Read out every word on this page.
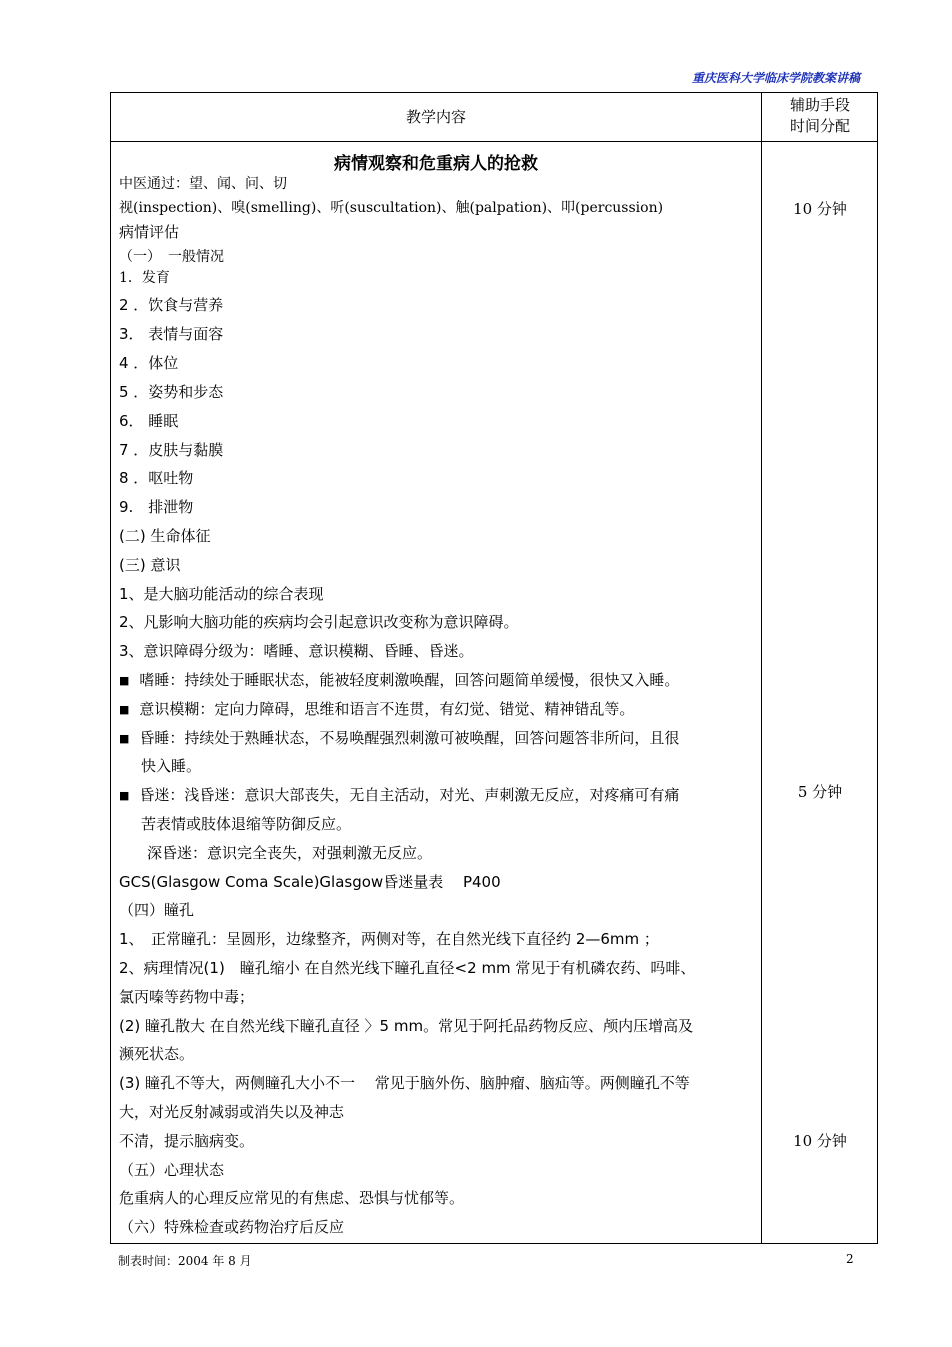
重庆医科大学临床学院教案讲稿
教学内容
辅助手段
时间分配
病情观察和危重病人的抢救
中医通过：望、闻、问、切
视(inspection)、嗅(smelling)、听(suscultation)、触(palpation)、叩(percussion)
病情评估
（一）　一般情况
1．发育
2 ．饮食与营养
3． 表情与面容
4 ．体位
5 ．姿势和步态
6． 睡眠
7 ．皮肤与黏膜
8 ．呕吐物
9.　排泄物
(二) 生命体征
(三) 意识
1、是大脑功能活动的综合表现
2、凡影响大脑功能的疾病均会引起意识改变称为意识障碍。
3、意识障碍分级为：嗜睡、意识模糊、昏睡、昏迷。
■ 嗜睡：持续处于睡眠状态，能被轻度刺激唤醒，回答问题简单缓慢，很快又入睡。
■ 意识模糊：定向力障碍，思维和语言不连贯，有幻觉、错觉、精神错乱等。
■ 昏睡：持续处于熟睡状态，不易唤醒强烈刺激可被唤醒，回答问题答非所问，且很
快入睡。
■ 昏迷：浅昏迷：意识大部丧失，无自主活动，对光、声刺激无反应，对疼痛可有痛
苦表情或肢体退缩等防御反应。
深昏迷：意识完全丧失，对强刺激无反应。
GCS(Glasgow Coma Scale)Glasgow昏迷量表　 P400
（四）瞳孔
1、　正常瞳孔：呈圆形，边缘整齐，两侧对等，在自然光线下直径约 2—6mm ；
2、病理情况(1)　瞳孔缩小 在自然光线下瞳孔直径<2 mm 常见于有机磷农药、吗啡、
氯丙嗪等药物中毒；
(2) 瞳孔散大 在自然光线下瞳孔直径 〉5 mm。常见于阿托品药物反应、颅内压增高及
濒死状态。
(3) 瞳孔不等大，两侧瞳孔大小不一　 常见于脑外伤、脑肿瘤、脑疝等。两侧瞳孔不等
大，对光反射减弱或消失以及神志
不清，提示脑病变。
（五）心理状态
危重病人的心理反应常见的有焦虑、恐惧与忧郁等。
（六）特殊检查或药物治疗后反应
10 分钟
5 分钟
10 分钟
制表时间：2004 年 8 月	2
